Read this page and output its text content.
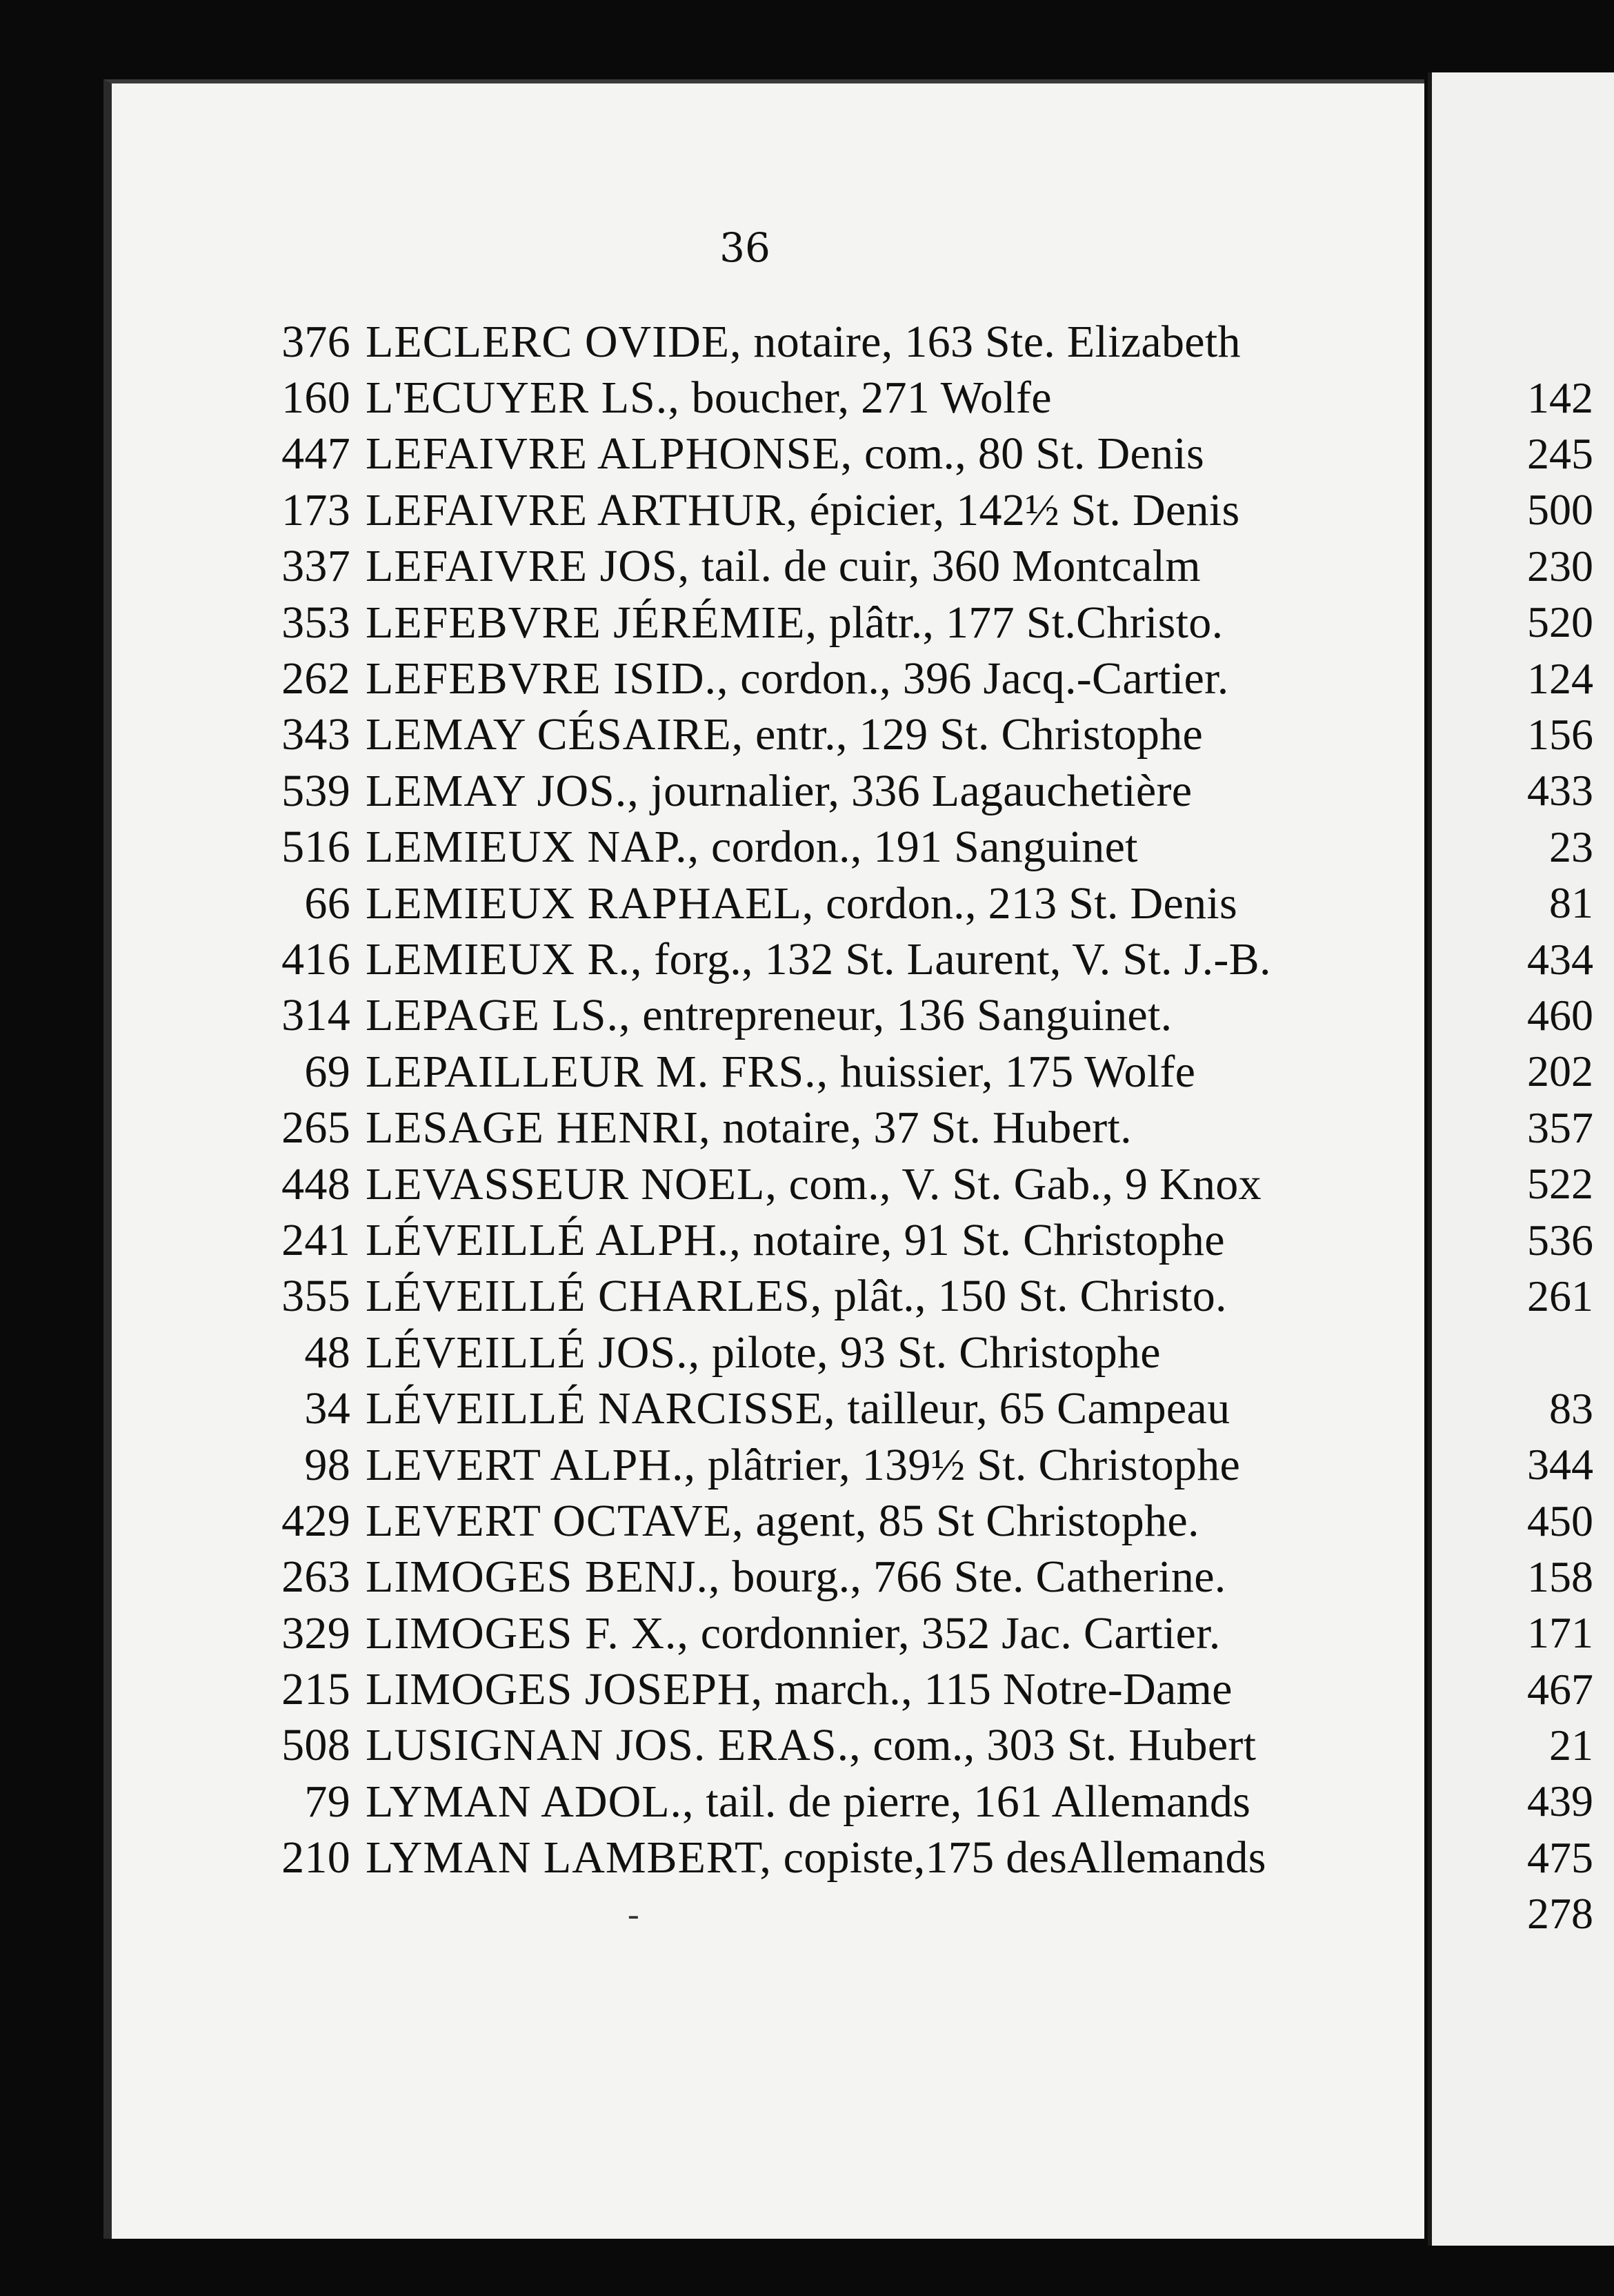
36
376 LECLERC OVIDE, notaire, 163 Ste. Elizabeth
160 L'ECUYER LS., boucher, 271 Wolfe
447 LEFAIVRE ALPHONSE, com., 80 St. Denis
173 LEFAIVRE ARTHUR, épicier, 142½ St. Denis
337 LEFAIVRE JOS, tail. de cuir, 360 Montcalm
353 LEFEBVRE JÉRÉMIE, plâtr., 177 St.Christo.
262 LEFEBVRE ISID., cordon., 396 Jacq.-Cartier.
343 LEMAY CÉSAIRE, entr., 129 St. Christophe
539 LEMAY JOS., journalier, 336 Lagauchetière
516 LEMIEUX NAP., cordon., 191 Sanguinet
66 LEMIEUX RAPHAEL, cordon., 213 St. Denis
416 LEMIEUX R., forg., 132 St. Laurent, V. St. J.-B.
314 LEPAGE LS., entrepreneur, 136 Sanguinet.
69 LEPAILLEUR M. FRS., huissier, 175 Wolfe
265 LESAGE HENRI, notaire, 37 St. Hubert.
448 LEVASSEUR NOEL, com., V. St. Gab., 9 Knox
241 LÉVEILLÉ ALPH., notaire, 91 St. Christophe
355 LÉVEILLÉ CHARLES, plât., 150 St. Christo.
48 LÉVEILLÉ JOS., pilote, 93 St. Christophe
34 LÉVEILLÉ NARCISSE, tailleur, 65 Campeau
98 LEVERT ALPH., plâtrier, 139½ St. Christophe
429 LEVERT OCTAVE, agent, 85 St Christophe.
263 LIMOGES BENJ., bourg., 766 Ste. Catherine.
329 LIMOGES F. X., cordonnier, 352 Jac. Cartier.
215 LIMOGES JOSEPH, march., 115 Notre-Dame
508 LUSIGNAN JOS. ERAS., com., 303 St. Hubert
79 LYMAN ADOL., tail. de pierre, 161 Allemands
210 LYMAN LAMBERT, copiste,175 desAllemands
142
245
500
230
520
124
156
433
23
81
434
460
202
357
522
536
261
83
344
450
158
171
467
21
439
475
278
-
